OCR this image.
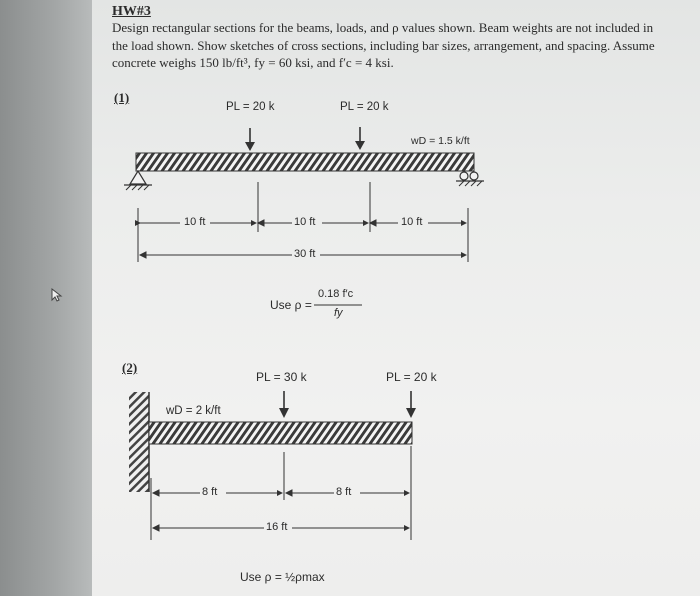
HW#3
Design rectangular sections for the beams, loads, and ρ values shown. Beam weights are not included in the load shown. Show sketches of cross sections, including bar sizes, arrangement, and spacing. Assume concrete weighs 150 lb/ft³, fy = 60 ksi, and f′c = 4 ksi.
(1)
PL = 20 k	PL = 20 k
wD = 1.5 k/ft
10 ft	10 ft	10 ft
30 ft
Use ρ =
0.18 f′c
fy
(2)
PL = 30 k	PL = 20 k
wD = 2 k/ft
8 ft	8 ft
16 ft
Use ρ = ½ρmax
